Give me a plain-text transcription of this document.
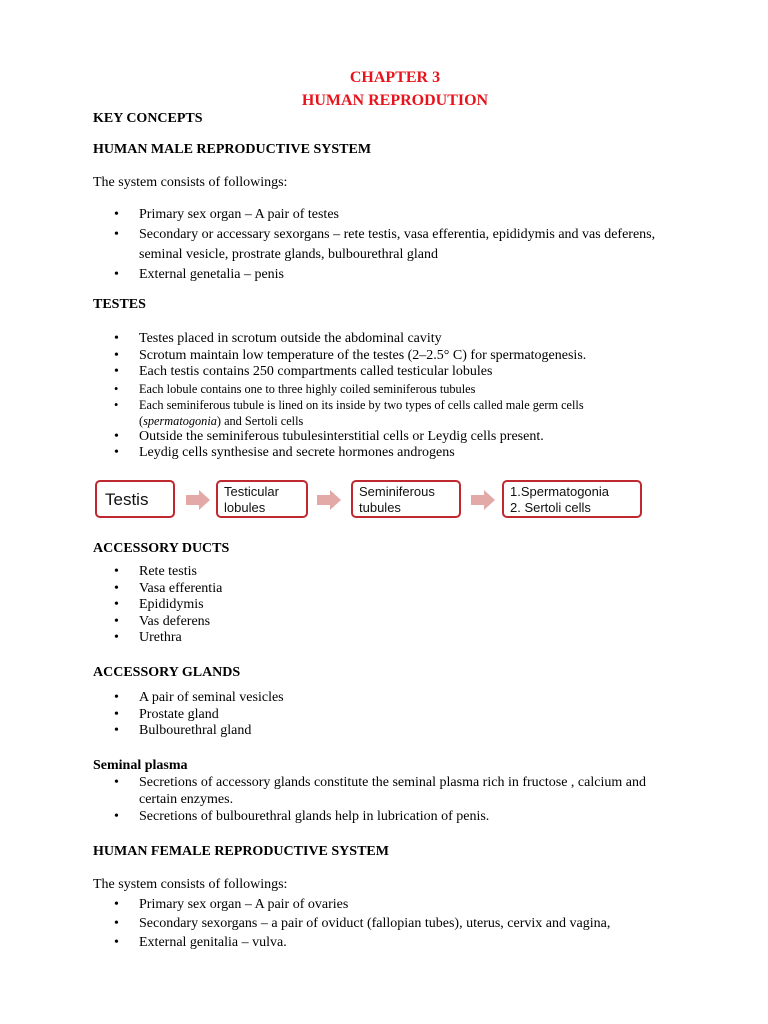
CHAPTER 3
HUMAN REPRODUTION
KEY CONCEPTS
HUMAN MALE REPRODUCTIVE SYSTEM
The system consists of followings:
• Primary sex organ – A pair of testes
• Secondary or accessary sexorgans – rete testis, vasa efferentia, epididymis and vas deferens, seminal vesicle, prostrate glands, bulbourethral gland
• External genetalia – penis
TESTES
• Testes placed in scrotum outside the abdominal cavity
• Scrotum maintain low temperature of the testes (2–2.5° C) for spermatogenesis.
• Each testis contains 250 compartments called testicular lobules
• Each lobule contains one to three highly coiled seminiferous tubules
• Each seminiferous tubule is lined on its inside by two types of cells called male germ cells
(spermatogonia) and Sertoli cells
• Outside the seminiferous tubulesinterstitial cells or Leydig cells present.
• Leydig cells synthesise and secrete hormones androgens
Testis	Testicular
lobules
Seminiferous
tubules
1.Spermatogonia
2. Sertoli cells
ACCESSORY DUCTS
• Rete testis
• Vasa efferentia
• Epididymis
• Vas deferens
• Urethra
ACCESSORY GLANDS
• A pair of seminal vesicles
• Prostate gland
• Bulbourethral gland
Seminal plasma
• Secretions of accessory glands constitute the seminal plasma rich in fructose , calcium and certain enzymes.
• Secretions of bulbourethral glands help in lubrication of penis.
HUMAN FEMALE REPRODUCTIVE SYSTEM
The system consists of followings:
• Primary sex organ – A pair of ovaries
• Secondary sexorgans – a pair of oviduct (fallopian tubes), uterus, cervix and vagina,
• External genitalia – vulva.
